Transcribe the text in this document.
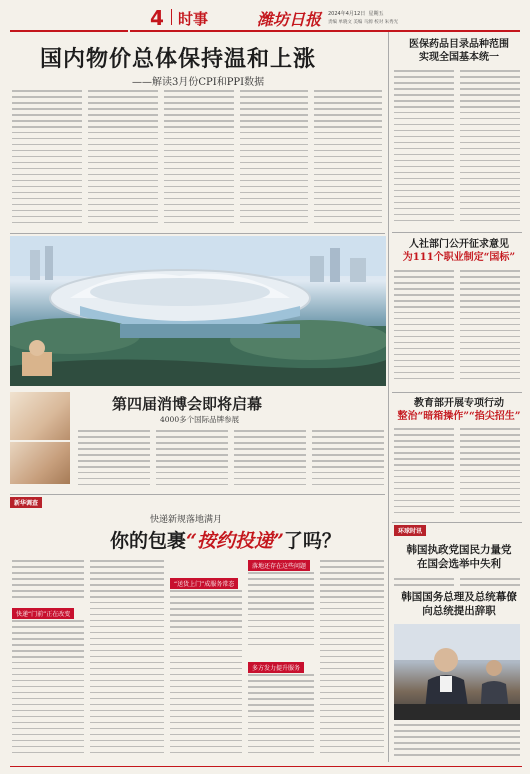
4 时事	潍坊日报 2024年4月12日 星期五
责编 单晓文 美编 马源 校对 朱秀光
国内物价总体保持温和上涨
——解读3月份CPI和PPI数据
第四届消博会即将启幕
4000多个国际品牌参展
医保药品目录品种范围
实现全国基本统一
人社部门公开征求意见
为111个职业制定“国标”
教育部开展专项行动
整治“暗箱操作”“掐尖招生”
新华调查
快递新规落地满月
你的包裹“按约投递”了吗？
快递“门前”正在改变
“送货上门”成服务常态
落地还存在这些问题
多方发力提升服务
环球时讯
韩国执政党国民力量党
在国会选举中失利
韩国国务总理及总统幕僚
向总统提出辞职
